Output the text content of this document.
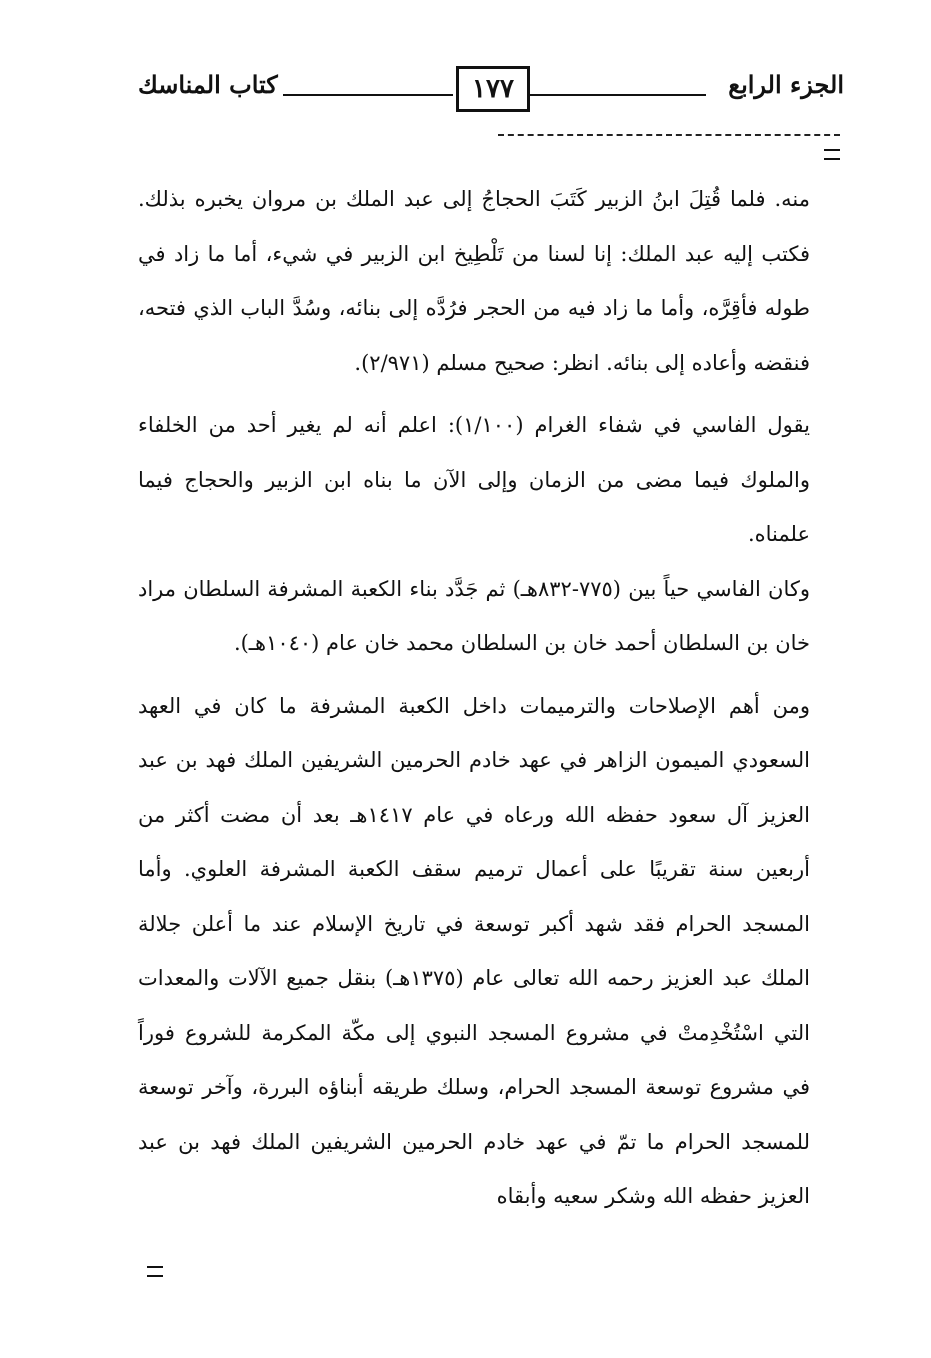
الجزء الرابع
١٧٧
كتاب المناسك

منه. فلما قُتِلَ ابنُ الزبير كَتَبَ الحجاجُ إلى عبد الملك بن مروان يخبره بذلك. فكتب إليه عبد الملك: إنا لسنا من تَلْطِيخ ابن الزبير في شيء، أما ما زاد في طوله فأقِرَّه، وأما ما زاد فيه من الحجر فرُدَّه إلى بنائه، وسُدَّ الباب الذي فتحه، فنقضه وأعاده إلى بنائه. انظر: صحيح مسلم (٢/٩٧١).

يقول الفاسي في شفاء الغرام (١/١٠٠): اعلم أنه لم يغير أحد من الخلفاء والملوك فيما مضى من الزمان وإلى الآن ما بناه ابن الزبير والحجاج فيما علمناه.

وكان الفاسي حياً بين (٧٧٥-٨٣٢هـ) ثم جَدَّد بناء الكعبة المشرفة السلطان مراد خان بن السلطان أحمد خان بن السلطان محمد خان عام (١٠٤٠هـ).

ومن أهم الإصلاحات والترميمات داخل الكعبة المشرفة ما كان في العهد السعودي الميمون الزاهر في عهد خادم الحرمين الشريفين الملك فهد بن عبد العزيز آل سعود حفظه الله ورعاه في عام ١٤١٧هـ بعد أن مضت أكثر من أربعين سنة تقريبًا على أعمال ترميم سقف الكعبة المشرفة العلوي. وأما المسجد الحرام فقد شهد أكبر توسعة في تاريخ الإسلام عند ما أعلن جلالة الملك عبد العزيز رحمه الله تعالى عام (١٣٧٥هـ) بنقل جميع الآلات والمعدات التي اسْتُخْدِمتْ في مشروع المسجد النبوي إلى مكّة المكرمة للشروع فوراً في مشروع توسعة المسجد الحرام، وسلك طريقه أبناؤه البررة، وآخر توسعة للمسجد الحرام ما تمّ في عهد خادم الحرمين الشريفين الملك فهد بن عبد العزيز حفظه الله وشكر سعيه وأبقاه
